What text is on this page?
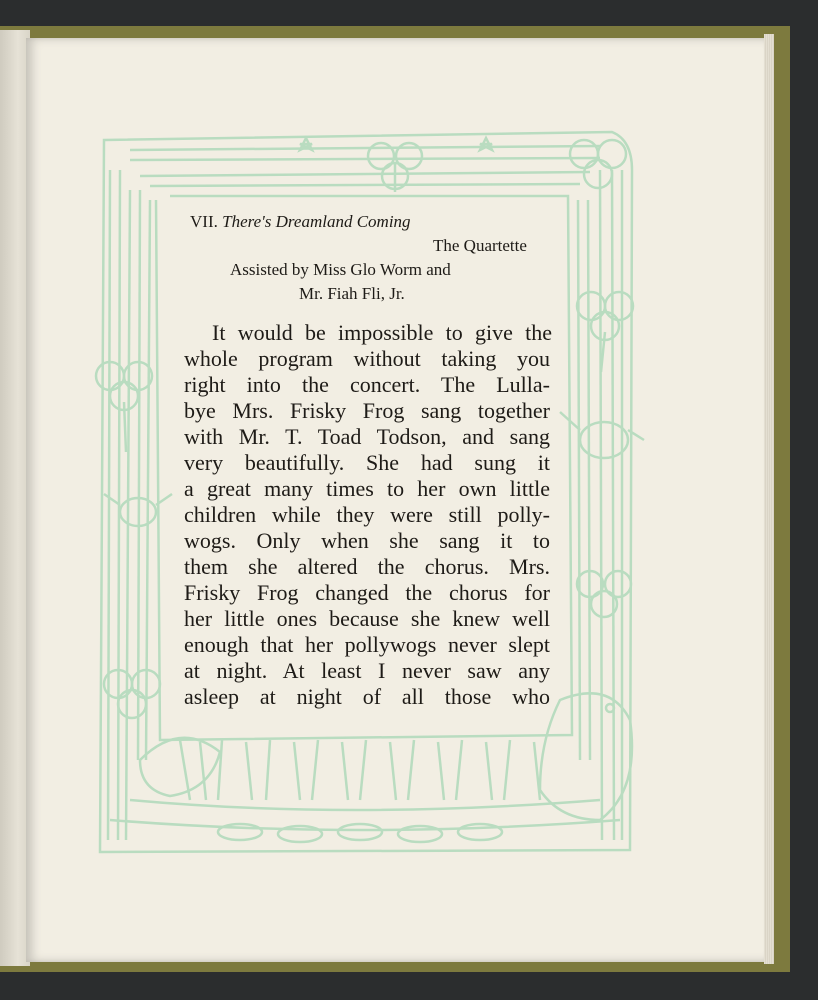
VII. There's Dreamland Coming

The Quartette

Assisted by Miss Glo Worm and

Mr. Fiah Fli, Jr.

It would be impossible to give the

whole program without taking you

right into the concert. The Lulla-

bye Mrs. Frisky Frog sang together

with Mr. T. Toad Todson, and sang

very beautifully. She had sung it

a great many times to her own little

children while they were still polly-

wogs. Only when she sang it to

them she altered the chorus. Mrs.

Frisky Frog changed the chorus for

her little ones because she knew well

enough that her pollywogs never slept

at night. At least I never saw any

asleep at night of all those who
